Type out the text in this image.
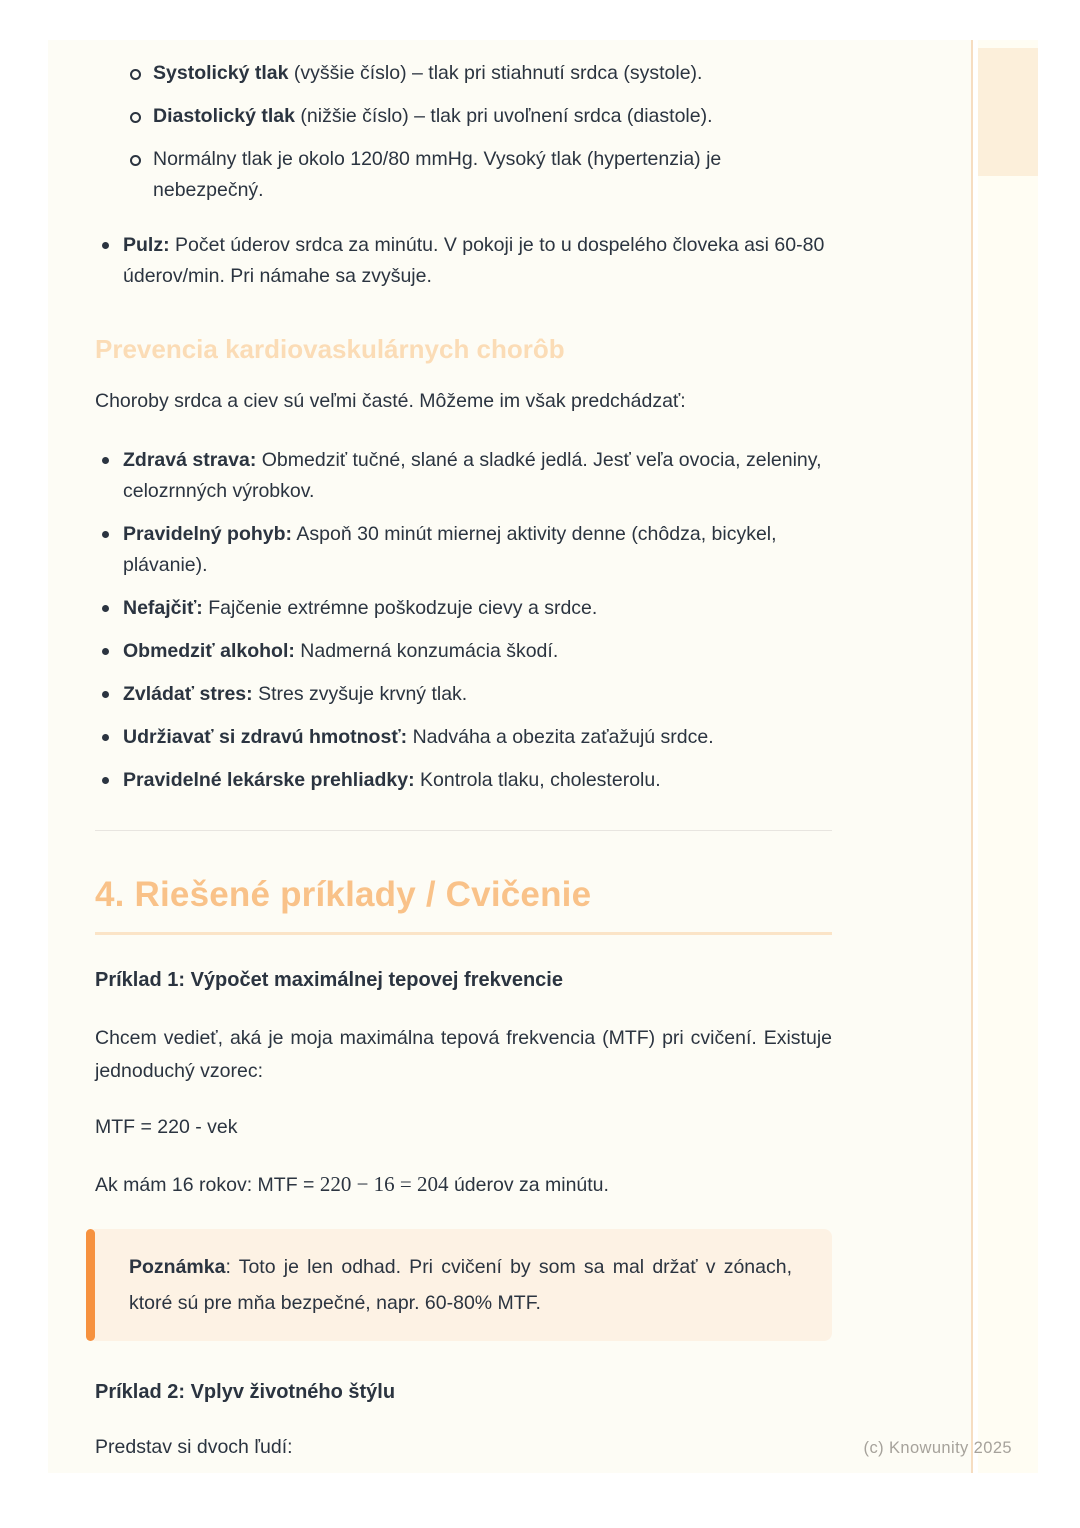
Systolický tlak (vyššie číslo) – tlak pri stiahnutí srdca (systole).

Diastolický tlak (nižšie číslo) – tlak pri uvoľnení srdca (diastole).

Normálny tlak je okolo 120/80 mmHg. Vysoký tlak (hypertenzia) je nebezpečný.

Pulz: Počet úderov srdca za minútu. V pokoji je to u dospelého človeka asi 60-80 úderov/min. Pri námahe sa zvyšuje.

Prevencia kardiovaskulárnych chorôb

Choroby srdca a ciev sú veľmi časté. Môžeme im však predchádzať:

Zdravá strava: Obmedziť tučné, slané a sladké jedlá. Jesť veľa ovocia, zeleniny, celozrnných výrobkov.

Pravidelný pohyb: Aspoň 30 minút miernej aktivity denne (chôdza, bicykel, plávanie).

Nefajčiť: Fajčenie extrémne poškodzuje cievy a srdce.

Obmedziť alkohol: Nadmerná konzumácia škodí.

Zvládať stres: Stres zvyšuje krvný tlak.

Udržiavať si zdravú hmotnosť: Nadváha a obezita zaťažujú srdce.

Pravidelné lekárske prehliadky: Kontrola tlaku, cholesterolu.

4. Riešené príklady / Cvičenie

Príklad 1: Výpočet maximálnej tepovej frekvencie

Chcem vedieť, aká je moja maximálna tepová frekvencia (MTF) pri cvičení. Existuje jednoduchý vzorec:

MTF = 220 - vek

Ak mám 16 rokov: MTF = 220 − 16 = 204 úderov za minútu.

Poznámka: Toto je len odhad. Pri cvičení by som sa mal držať v zónach, ktoré sú pre mňa bezpečné, napr. 60-80% MTF.

Príklad 2: Vplyv životného štýlu

Predstav si dvoch ľudí:	(c) Knowunity 2025
